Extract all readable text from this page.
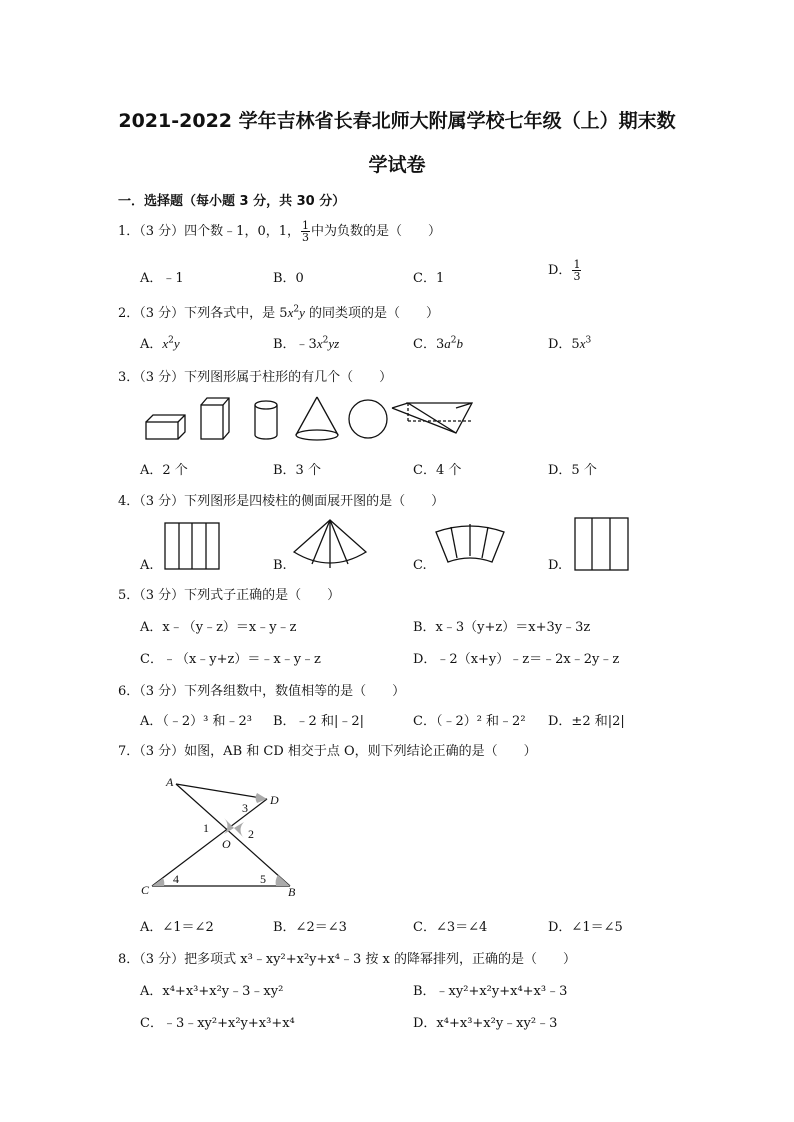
2021-2022 学年吉林省长春北师大附属学校七年级（上）期末数
学试卷
一．选择题（每小题 3 分，共 30 分）
1．（3 分）四个数﹣1，0，1， $\frac{1}{3}$ 中为负数的是（　　）
A．﹣1	B．0	C．1
D． $\frac{1}{3}$
2．（3 分）下列各式中，是 $5x^2y$ 的同类项的是（　　）
A．$x^2y$	B．$﹣3x^2yz$	C．$3a^2b$	D．$5x^3$
3．（3 分）下列图形属于柱形的有几个（　　）
A．2 个	B．3 个	C．4 个	D．5 个
4．（3 分）下列图形是四棱柱的侧面展开图的是（　　）
A.	B.	C.	D.
5．（3 分）下列式子正确的是（　　）
A．x﹣（y﹣z）＝x﹣y﹣z	B．x﹣3（y+z）＝x+3y﹣3z
C．﹣（x﹣y+z）＝﹣x﹣y﹣z	D．﹣2（x+y）﹣z＝﹣2x﹣2y﹣z
6．（3 分）下列各组数中，数值相等的是（　　）
A．（﹣2）³ 和﹣2³ B．﹣2 和|﹣2|	C．（﹣2）² 和﹣2² D．±2 和|2|
7．（3 分）如图，AB 和 CD 相交于点 O，则下列结论正确的是（　　）
A
D
O
C	B
3
1	2
4	5
A．∠1＝∠2	B．∠2＝∠3	C．∠3＝∠4	D．∠1＝∠5
8．（3 分）把多项式 x³﹣xy²+x²y+x⁴﹣3 按 x 的降幂排列，正确的是（　　）
A．x⁴+x³+x²y﹣3﹣xy²	B．﹣xy²+x²y+x⁴+x³﹣3
C．﹣3﹣xy²+x²y+x³+x⁴	D．x⁴+x³+x²y﹣xy²﹣3
